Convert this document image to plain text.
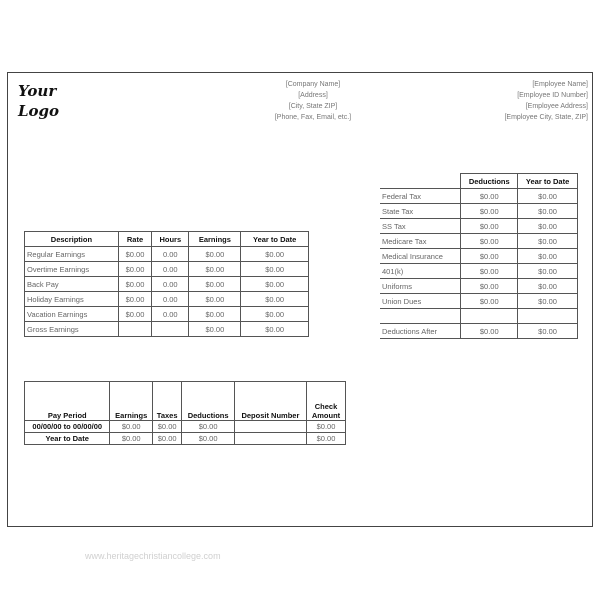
Your
Logo
[Company Name]
[Address]
[City, State ZIP]
[Phone, Fax, Email, etc.]
[Employee Name]
[Employee ID Number]
[Employee Address]
[Employee City, State, ZIP]
	Deductions	Year to Date
Federal Tax	$0.00	$0.00
State Tax	$0.00	$0.00
SS Tax	$0.00	$0.00
Medicare Tax	$0.00	$0.00
Medical Insurance	$0.00	$0.00
401(k)	$0.00	$0.00
Uniforms	$0.00	$0.00
Union Dues	$0.00	$0.00

Deductions After	$0.00	$0.00
Description	Rate	Hours	Earnings	Year to Date
Regular Earnings	$0.00	0.00	$0.00	$0.00
Overtime Earnings	$0.00	0.00	$0.00	$0.00
Back Pay	$0.00	0.00	$0.00	$0.00
Holiday Earnings	$0.00	0.00	$0.00	$0.00
Vacation Earnings	$0.00	0.00	$0.00	$0.00
Gross Earnings			$0.00	$0.00
Pay Period	Earnings	Taxes	Deductions	Deposit Number	Check Amount
00/00/00 to 00/00/00	$0.00	$0.00	$0.00		$0.00
Year to Date	$0.00	$0.00	$0.00		$0.00
www.heritagechristiancollege.com
